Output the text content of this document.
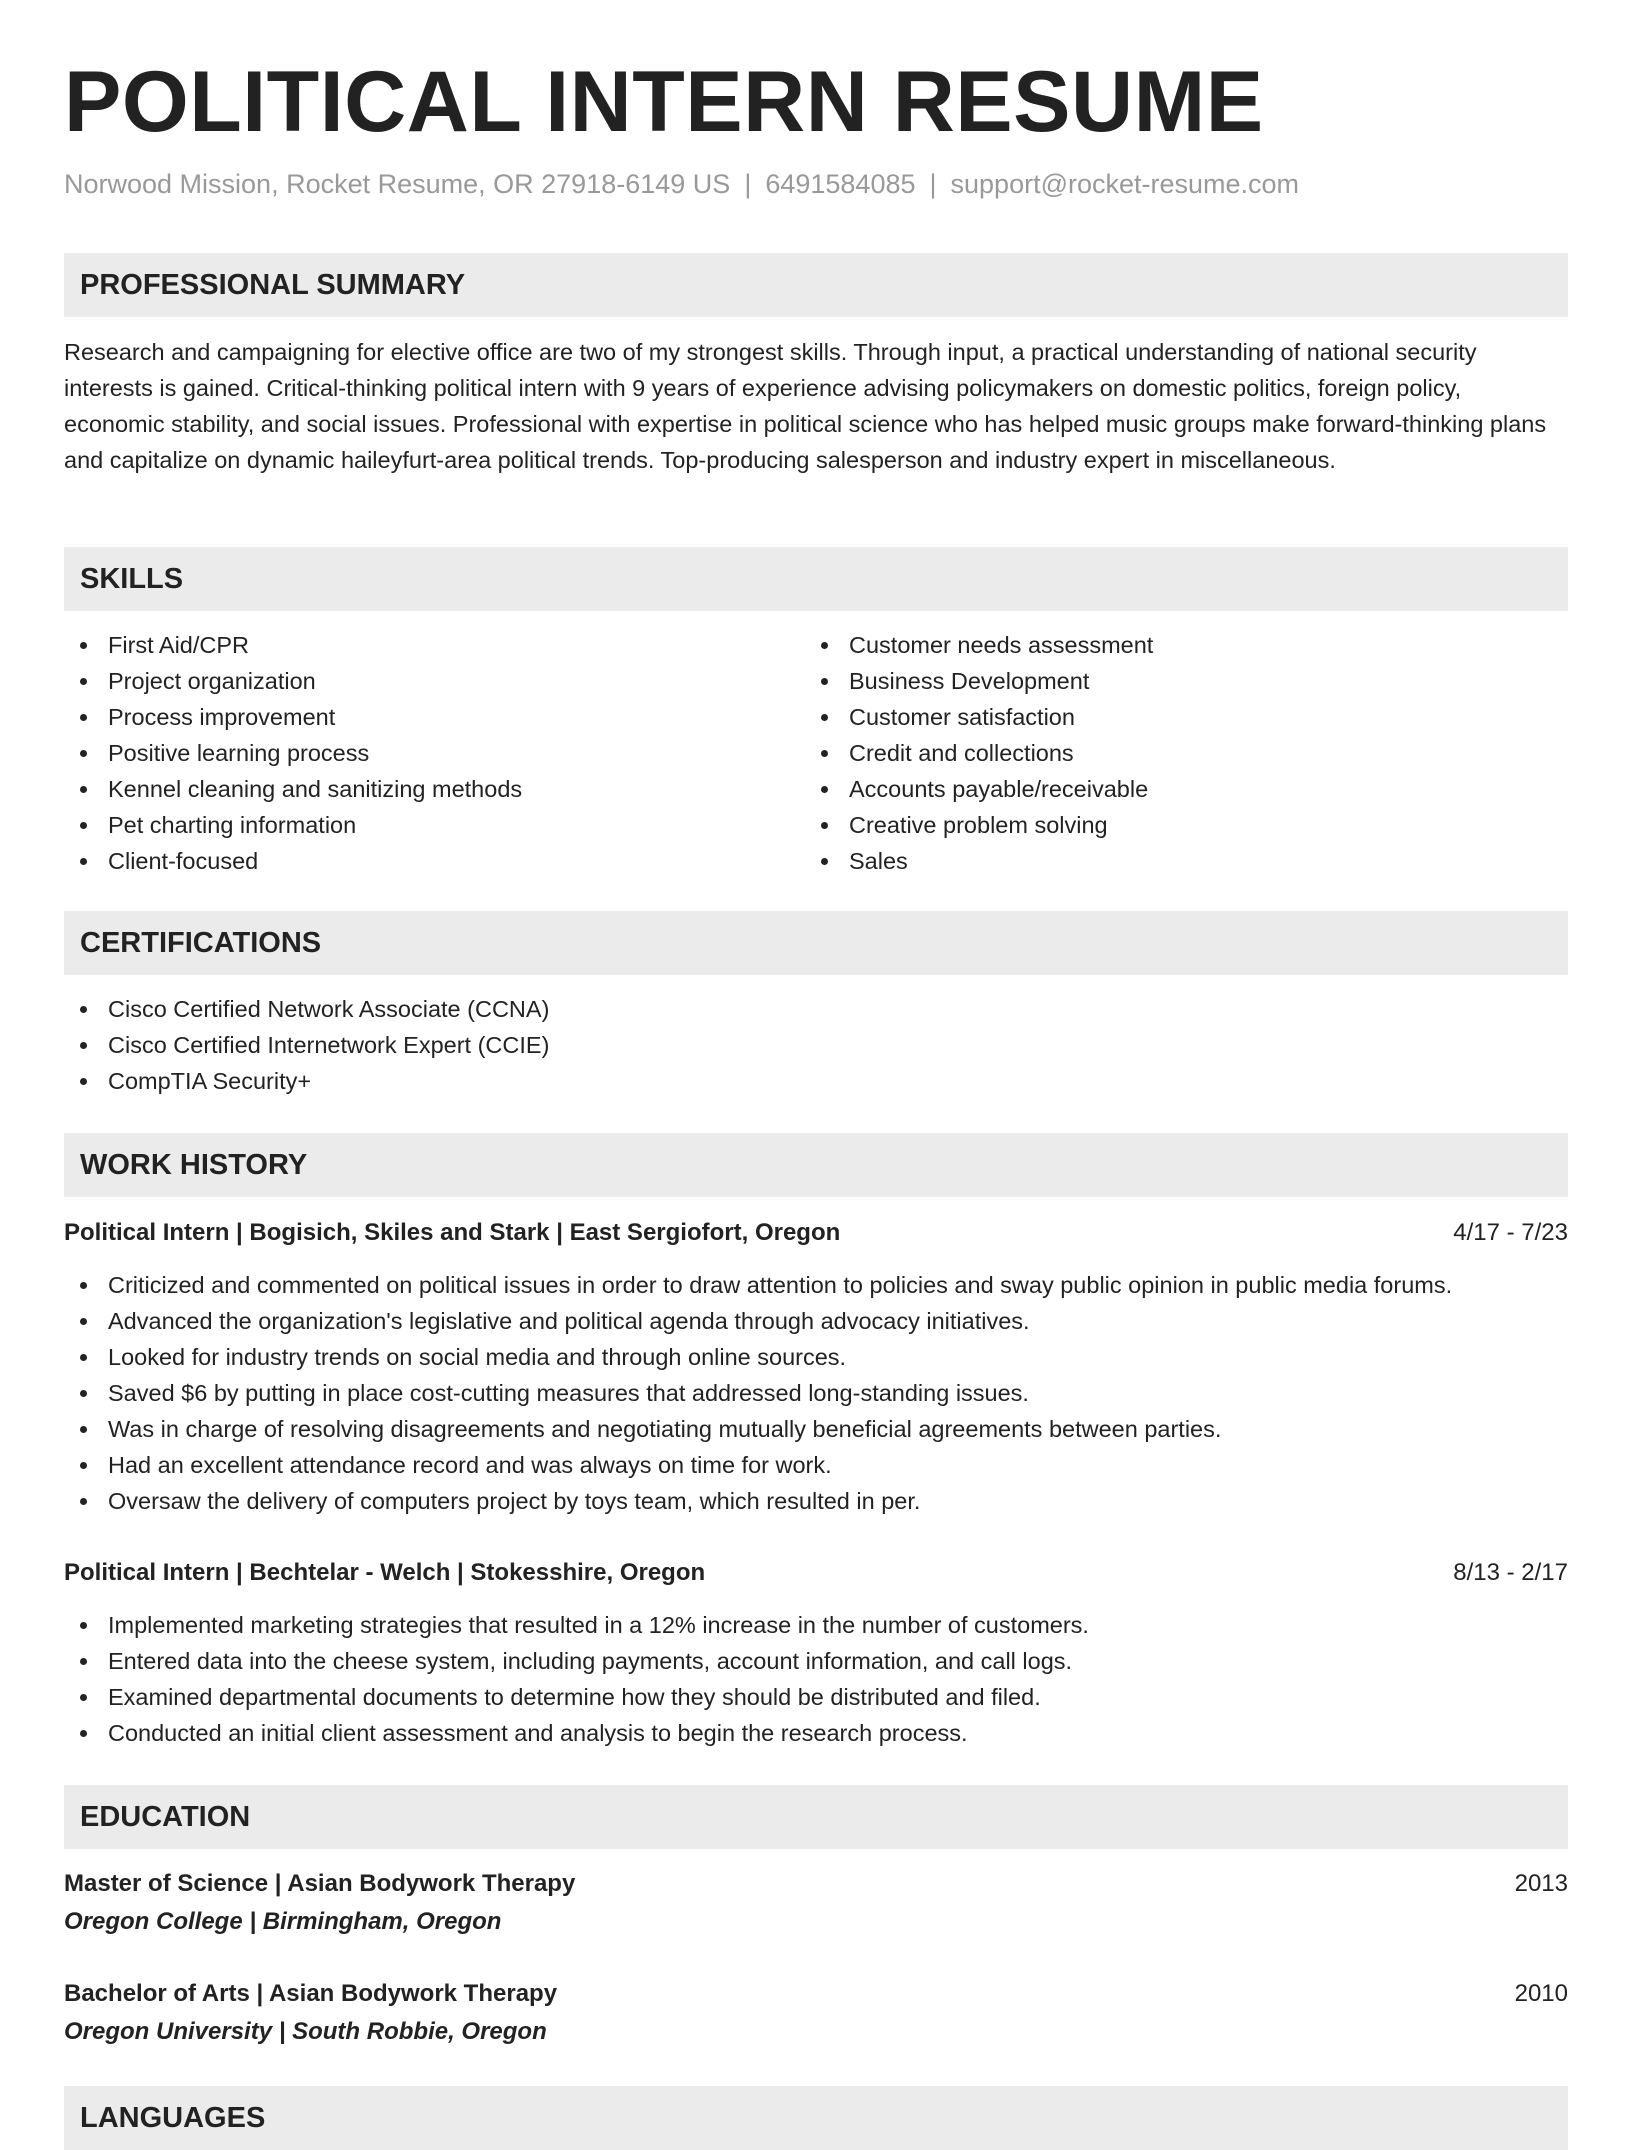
POLITICAL INTERN RESUME
Norwood Mission, Rocket Resume, OR 27918-6149 US | 6491584085 | support@rocket-resume.com
PROFESSIONAL SUMMARY

Research and campaigning for elective office are two of my strongest skills. Through input, a practical understanding of national security interests is gained. Critical-thinking political intern with 9 years of experience advising policymakers on domestic politics, foreign policy, economic stability, and social issues. Professional with expertise in political science who has helped music groups make forward-thinking plans and capitalize on dynamic haileyfurt-area political trends. Top-producing salesperson and industry expert in miscellaneous.

SKILLS
First Aid/CPR
Project organization
Process improvement
Positive learning process
Kennel cleaning and sanitizing methods
Pet charting information
Client-focused
Customer needs assessment
Business Development
Customer satisfaction
Credit and collections
Accounts payable/receivable
Creative problem solving
Sales
CERTIFICATIONS
Cisco Certified Network Associate (CCNA)
Cisco Certified Internetwork Expert (CCIE)
CompTIA Security+
WORK HISTORY
Political Intern | Bogisich, Skiles and Stark | East Sergiofort, Oregon	4/17 - 7/23
Criticized and commented on political issues in order to draw attention to policies and sway public opinion in public media forums.
Advanced the organization's legislative and political agenda through advocacy initiatives.
Looked for industry trends on social media and through online sources.
Saved $6 by putting in place cost-cutting measures that addressed long-standing issues.
Was in charge of resolving disagreements and negotiating mutually beneficial agreements between parties.
Had an excellent attendance record and was always on time for work.
Oversaw the delivery of computers project by toys team, which resulted in per.
Political Intern | Bechtelar - Welch | Stokesshire, Oregon	8/13 - 2/17
Implemented marketing strategies that resulted in a 12% increase in the number of customers.
Entered data into the cheese system, including payments, account information, and call logs.
Examined departmental documents to determine how they should be distributed and filed.
Conducted an initial client assessment and analysis to begin the research process.
EDUCATION
Master of Science | Asian Bodywork Therapy	2013
Oregon College | Birmingham, Oregon
Bachelor of Arts | Asian Bodywork Therapy	2010
Oregon University | South Robbie, Oregon
LANGUAGES
